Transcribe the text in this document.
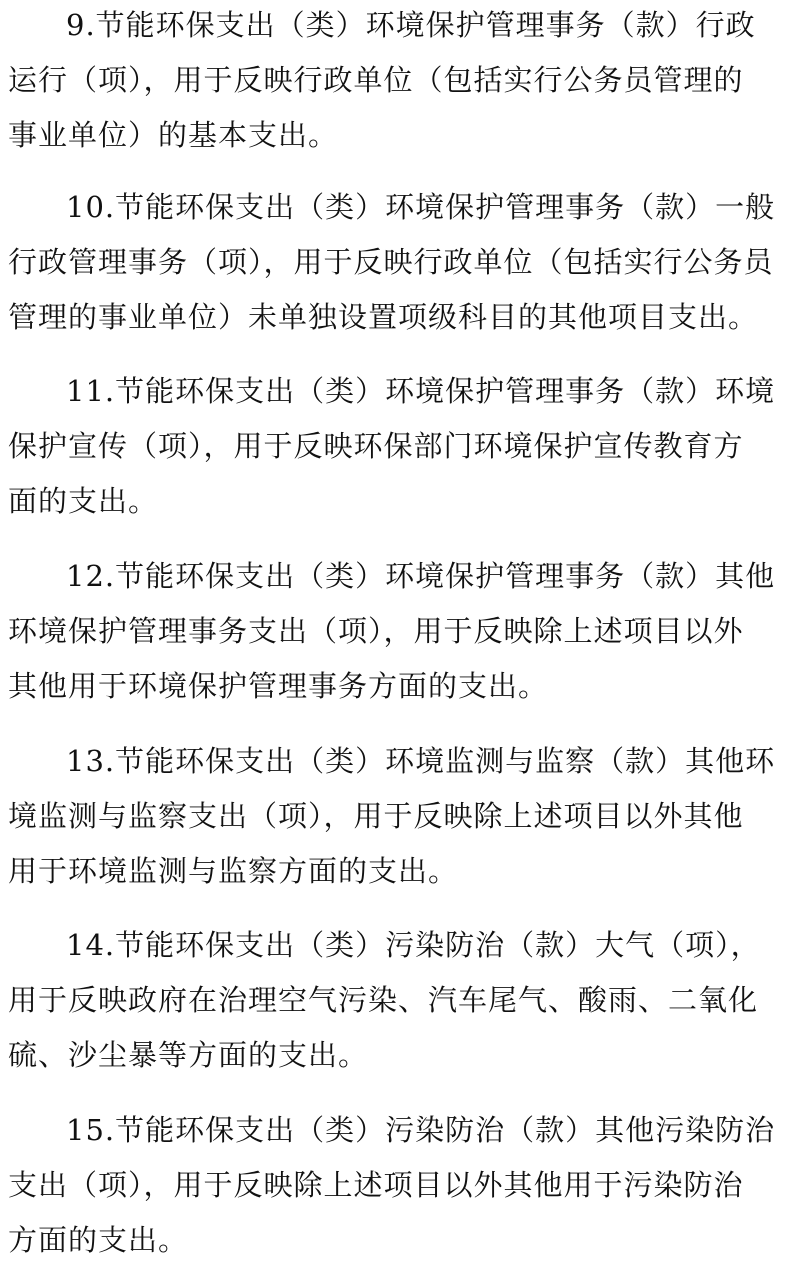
9.节能环保支出（类）环境保护管理事务（款）行政
运行（项），用于反映行政单位（包括实行公务员管理的
事业单位）的基本支出。
10.节能环保支出（类）环境保护管理事务（款）一般
行政管理事务（项），用于反映行政单位（包括实行公务员
管理的事业单位）未单独设置项级科目的其他项目支出。
11.节能环保支出（类）环境保护管理事务（款）环境
保护宣传（项），用于反映环保部门环境保护宣传教育方
面的支出。
12.节能环保支出（类）环境保护管理事务（款）其他
环境保护管理事务支出（项），用于反映除上述项目以外
其他用于环境保护管理事务方面的支出。
13.节能环保支出（类）环境监测与监察（款）其他环
境监测与监察支出（项），用于反映除上述项目以外其他
用于环境监测与监察方面的支出。
14.节能环保支出（类）污染防治（款）大气（项），
用于反映政府在治理空气污染、汽车尾气、酸雨、二氧化
硫、沙尘暴等方面的支出。
15.节能环保支出（类）污染防治（款）其他污染防治
支出（项），用于反映除上述项目以外其他用于污染防治
方面的支出。
